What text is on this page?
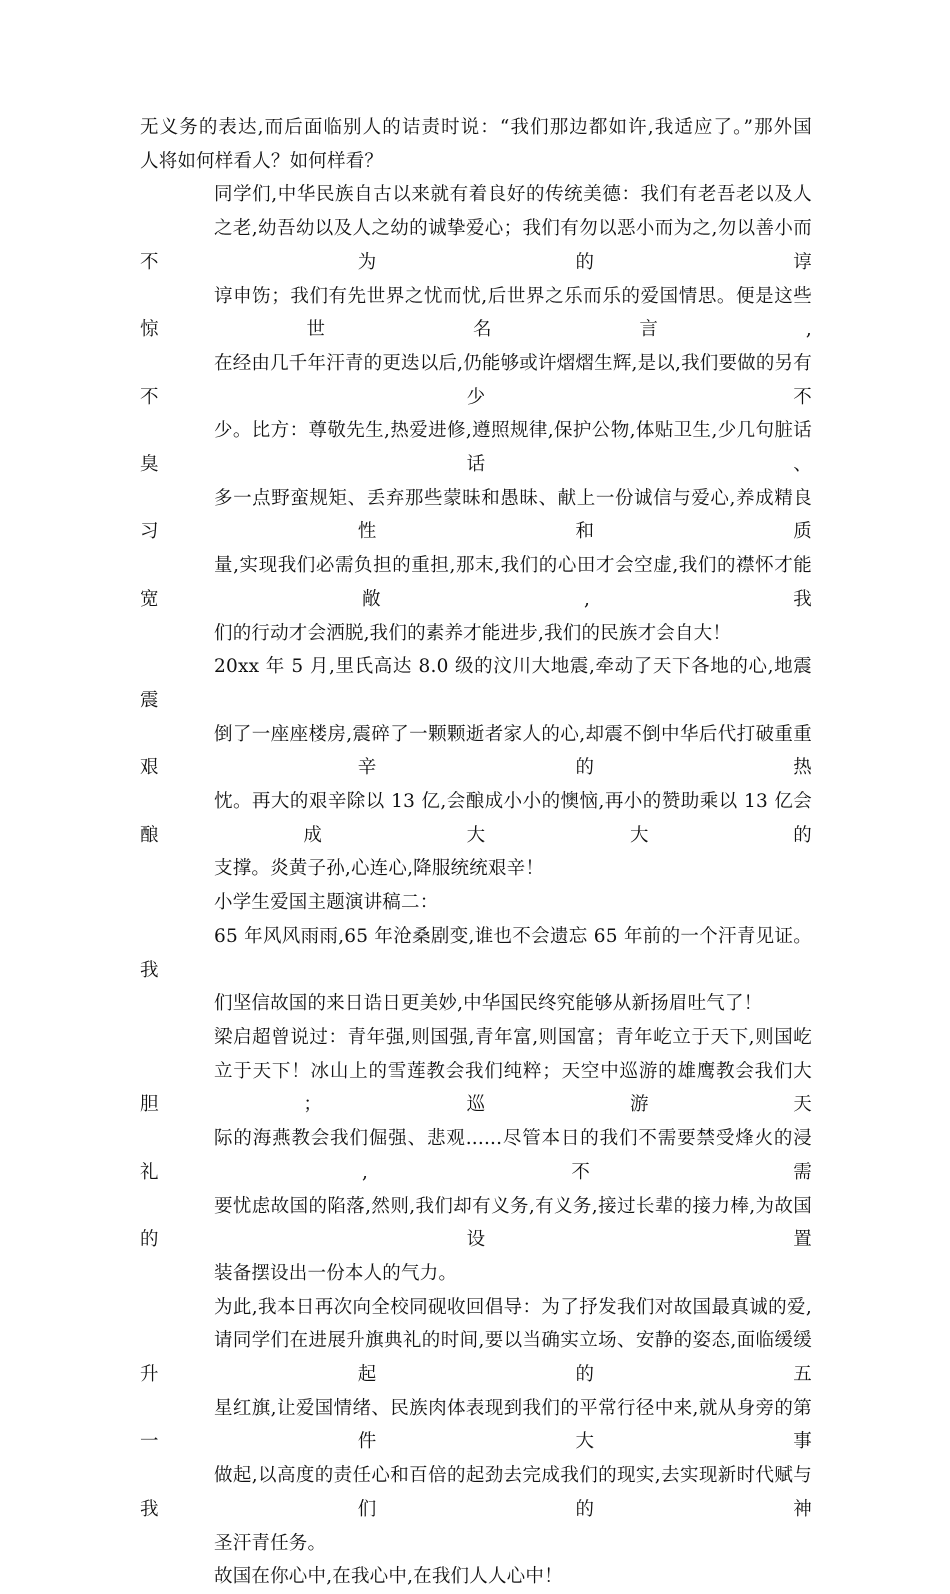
无义务的表达,而后面临别人的诘责时说：“我们那边都如许,我适应了。”那外国
人将如何样看人？如何样看？
同学们,中华民族自古以来就有着良好的传统美德：我们有老吾老以及人
之老,幼吾幼以及人之幼的诚挚爱心；我们有勿以恶小而为之,勿以善小而不为的谆
谆申饬；我们有先世界之忧而忧,后世界之乐而乐的爱国情思。便是这些惊世名言,
在经由几千年汗青的更迭以后,仍能够或许熠熠生辉,是以,我们要做的另有不少不
少。比方：尊敬先生,热爱进修,遵照规律,保护公物,体贴卫生,少几句脏话臭话、
多一点野蛮规矩、丢弃那些蒙昧和愚昧、献上一份诚信与爱心,养成精良习性和质
量,实现我们必需负担的重担,那末,我们的心田才会空虚,我们的襟怀才能宽敞,我
们的行动才会洒脱,我们的素养才能进步,我们的民族才会自大！
20xx 年 5 月,里氏高达 8.0 级的汶川大地震,牵动了天下各地的心,地震震
倒了一座座楼房,震碎了一颗颗逝者家人的心,却震不倒中华后代打破重重艰辛的热
忱。再大的艰辛除以 13 亿,会酿成小小的懊恼,再小的赞助乘以 13 亿会酿成大大的
支撑。炎黄子孙,心连心,降服统统艰辛！
小学生爱国主题演讲稿二：
65 年风风雨雨,65 年沧桑剧变,谁也不会遗忘 65 年前的一个汗青见证。我
们坚信故国的来日诰日更美妙,中华国民终究能够从新扬眉吐气了！
梁启超曾说过：青年强,则国强,青年富,则国富；青年屹立于天下,则国屹
立于天下！冰山上的雪莲教会我们纯粹；天空中巡游的雄鹰教会我们大胆；巡游天
际的海燕教会我们倔强、悲观......尽管本日的我们不需要禁受烽火的浸礼,不需
要忧虑故国的陷落,然则,我们却有义务,有义务,接过长辈的接力棒,为故国的设置
装备摆设出一份本人的气力。
为此,我本日再次向全校同砚收回倡导：为了抒发我们对故国最真诚的爱,
请同学们在进展升旗典礼的时间,要以当确实立场、安静的姿态,面临缓缓升起的五
星红旗,让爱国情绪、民族肉体表现到我们的平常行径中来,就从身旁的第一件大事
做起,以高度的责任心和百倍的起劲去完成我们的现实,去实现新时代赋与我们的神
圣汗青任务。
故国在你心中,在我心中,在我们人人心中！
